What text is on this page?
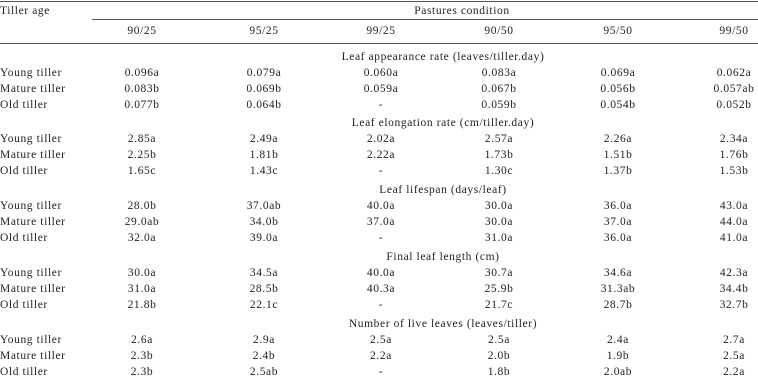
Tiller age	Pastures condition
90/25	95/25	99/25	90/50	95/50	99/50
Leaf appearance rate (leaves/tiller.day)
Young tiller	0.096a	0.079a	0.060a	0.083a	0.069a	0.062a
Mature tiller	0.083b	0.069b	0.059a	0.067b	0.056b	0.057ab
Old tiller	0.077b	0.064b	-	0.059b	0.054b	0.052b
Leaf elongation rate (cm/tiller.day)
Young tiller	2.85a	2.49a	2.02a	2.57a	2.26a	2.34a
Mature tiller	2.25b	1.81b	2.22a	1.73b	1.51b	1.76b
Old tiller	1.65c	1.43c	-	1.30c	1.37b	1.53b
Leaf lifespan (days/leaf)
Young tiller	28.0b	37.0ab	40.0a	30.0a	36.0a	43.0a
Mature tiller	29.0ab	34.0b	37.0a	30.0a	37.0a	44.0a
Old tiller	32.0a	39.0a	-	31.0a	36.0a	41.0a
Final leaf length (cm)
Young tiller	30.0a	34.5a	40.0a	30.7a	34.6a	42.3a
Mature tiller	31.0a	28.5b	40.3a	25.9b	31.3ab	34.4b
Old tiller	21.8b	22.1c	-	21.7c	28.7b	32.7b
Number of live leaves (leaves/tiller)
Young tiller	2.6a	2.9a	2.5a	2.5a	2.4a	2.7a
Mature tiller	2.3b	2.4b	2.2a	2.0b	1.9b	2.5a
Old tiller	2.3b	2.5ab	-	1.8b	2.0ab	2.2a
